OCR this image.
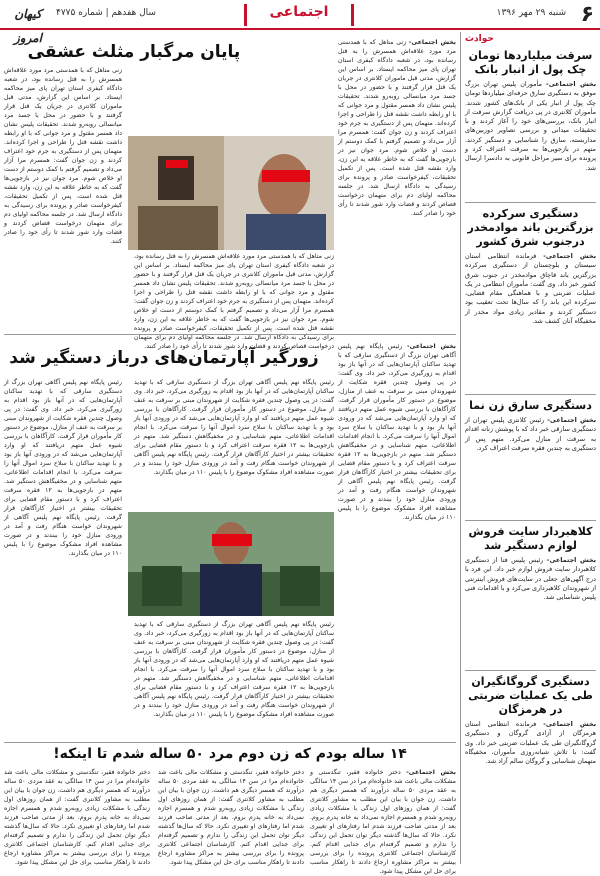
۶
شنبه ۲۹ مهر ۱۳۹۶
اجتماعی
سال هفدهم | شماره ۴۷۷۵
کیهان امروز	حوادث
سرقت میلیاردها تومان چک پول از انبار بانک
بخش اجتماعی- مأموران پلیس تهران بزرگ موفق به دستگیری سارق حرفه‌ای میلیاردها تومان چک پول از انبار یکی از بانک‌های کشور شدند. مأموران کلانتری در پی دریافت گزارش سرقت از انبار بانک، بررسی‌های خود را آغاز کردند و با تحقیقات میدانی و بررسی تصاویر دوربین‌های مداربسته، سارق را شناسایی و دستگیر کردند. متهم در بازجویی‌ها به سرقت اعتراف کرد و پرونده برای سیر مراحل قانونی به دادسرا ارسال شد.
دستگیری سرکرده بزرگترین باند موادمخدر درجنوب شرق کشور
بخش اجتماعی- فرمانده انتظامی استان سیستان و بلوچستان از دستگیری سرکرده بزرگترین باند قاچاق موادمخدر در جنوب شرق کشور خبر داد. وی گفت: مأموران انتظامی در یک عملیات ضربتی و با هماهنگی مقام قضایی، سرکرده این باند را که سال‌ها تحت تعقیب بود دستگیر کردند و مقادیر زیادی مواد مخدر از مخفیگاه آنان کشف شد.
دستگیری سارق زن نما
بخش اجتماعی- رئیس کلانتری پلیس تهران از دستگیری سارقی خبر داد که با پوشش زنانه اقدام به سرقت از منازل می‌کرد. متهم پس از دستگیری به چندین فقره سرقت اعتراف کرد.
کلاهبردار سایت فروش لوازم دستگیر شد
بخش اجتماعی- رئیس پلیس فتا از دستگیری کلاهبردار سایت فروش لوازم خبر داد. این فرد با درج آگهی‌های جعلی در سایت‌های فروش اینترنتی از شهروندان کلاهبرداری می‌کرد و با اقدامات فنی پلیس شناسایی شد.
دستگیری گروگانگیران طی یک عملیات ضربتی در هرمزگان
بخش اجتماعی- فرمانده انتظامی استان هرمزگان از آزادی گروگان و دستگیری گروگانگیران طی یک عملیات ضربتی خبر داد. وی گفت: با تلاش شبانه‌روزی مأموران، مخفیگاه متهمان شناسایی و گروگان سالم آزاد شد.
پایان مرگبار مثلث عشقی	بخش اجتماعی- زنی متاهل که با همدستی مرد مورد علاقه‌اش همسرش را به قتل رسانده بود، در شعبه دادگاه کیفری استان تهران پای میز محاکمه ایستاد. بر اساس این گزارش، مدتی قبل ماموران کلانتری در جریان یک قتل قرار گرفتند و با حضور در محل با جسد مرد میانسالی روبه‌رو شدند. تحقیقات پلیس نشان داد همسر مقتول و مرد جوانی که با او رابطه داشت نقشه قتل را طراحی و اجرا کرده‌اند. متهمان پس از دستگیری به جرم خود اعتراف کردند و زن جوان گفت: همسرم مرا آزار می‌داد و تصمیم گرفتم با کمک دوستم از دست او خلاص شوم. مرد جوان نیز در بازجویی‌ها گفت که به خاطر علاقه به این زن، وارد نقشه قتل شده است. پس از تکمیل تحقیقات، کیفرخواست صادر و پرونده برای رسیدگی به دادگاه ارسال شد. در جلسه محاکمه اولیای دم برای متهمان درخواست قصاص کردند و قضات وارد شور شدند تا رأی خود را صادر کنند.
زنی متاهل که با همدستی مرد مورد علاقه‌اش همسرش را به قتل رسانده بود، در شعبه دادگاه کیفری استان تهران پای میز محاکمه ایستاد. بر اساس این گزارش، مدتی قبل ماموران کلانتری در جریان یک قتل قرار گرفتند و با حضور در محل با جسد مرد میانسالی روبه‌رو شدند. تحقیقات پلیس نشان داد همسر مقتول و مرد جوانی که با او رابطه داشت نقشه قتل را طراحی و اجرا کرده‌اند. متهمان پس از دستگیری به جرم خود اعتراف کردند و زن جوان گفت: همسرم مرا آزار می‌داد و تصمیم گرفتم با کمک دوستم از دست او خلاص شوم. مرد جوان نیز در بازجویی‌ها گفت که به خاطر علاقه به این زن، وارد نقشه قتل شده است. پس از تکمیل تحقیقات، کیفرخواست صادر و پرونده برای رسیدگی به دادگاه ارسال شد. در جلسه محاکمه اولیای دم برای متهمان درخواست قصاص کردند و قضات وارد شور شدند تا رأی خود را صادر کنند.
زنی متاهل که با همدستی مرد مورد علاقه‌اش همسرش را به قتل رسانده بود، در شعبه دادگاه کیفری استان تهران پای میز محاکمه ایستاد. بر اساس این گزارش، مدتی قبل ماموران کلانتری در جریان یک قتل قرار گرفتند و با حضور در محل با جسد مرد میانسالی روبه‌رو شدند. تحقیقات پلیس نشان داد همسر مقتول و مرد جوانی که با او رابطه داشت نقشه قتل را طراحی و اجرا کرده‌اند. متهمان پس از دستگیری به جرم خود اعتراف کردند و زن جوان گفت: همسرم مرا آزار می‌داد و تصمیم گرفتم با کمک دوستم از دست او خلاص شوم. مرد جوان نیز در بازجویی‌ها گفت که به خاطر علاقه به این زن، وارد نقشه قتل شده است. پس از تکمیل تحقیقات، کیفرخواست صادر و پرونده برای رسیدگی به دادگاه ارسال شد. در جلسه محاکمه اولیای دم برای متهمان درخواست قصاص کردند و قضات وارد شور شدند تا رأی خود را صادر کنند.
زورگیر آپارتمان‌های درباز دستگیر شد
بخش اجتماعی- رئیس پایگاه نهم پلیس آگاهی تهران بزرگ از دستگیری سارقی که با تهدید ساکنان آپارتمان‌هایی که در آنها باز بود اقدام به زورگیری می‌کرد، خبر داد. وی گفت: در پی وصول چندین فقره شکایت از شهروندان مبنی بر سرقت به عنف از منازل، موضوع در دستور کار مأموران قرار گرفت. کارآگاهان با بررسی شیوه عمل متهم دریافتند که او وارد آپارتمان‌هایی می‌شد که در ورودی آنها باز بود و با تهدید ساکنان با سلاح سرد اموال آنها را سرقت می‌کرد. با انجام اقدامات اطلاعاتی، متهم شناسایی و در مخفیگاهش دستگیر شد. متهم در بازجویی‌ها به ۱۲ فقره سرقت اعتراف کرد و با دستور مقام قضایی برای تحقیقات بیشتر در اختیار کارآگاهان قرار گرفت. رئیس پایگاه نهم پلیس آگاهی از شهروندان خواست هنگام رفت و آمد در ورودی منازل خود را ببندند و در صورت مشاهده افراد مشکوک موضوع را با پلیس ۱۱۰ در میان بگذارند.
رئیس پایگاه نهم پلیس آگاهی تهران بزرگ از دستگیری سارقی که با تهدید ساکنان آپارتمان‌هایی که در آنها باز بود اقدام به زورگیری می‌کرد، خبر داد. وی گفت: در پی وصول چندین فقره شکایت از شهروندان مبنی بر سرقت به عنف از منازل، موضوع در دستور کار مأموران قرار گرفت. کارآگاهان با بررسی شیوه عمل متهم دریافتند که او وارد آپارتمان‌هایی می‌شد که در ورودی آنها باز بود و با تهدید ساکنان با سلاح سرد اموال آنها را سرقت می‌کرد. با انجام اقدامات اطلاعاتی، متهم شناسایی و در مخفیگاهش دستگیر شد. متهم در بازجویی‌ها به ۱۲ فقره سرقت اعتراف کرد و با دستور مقام قضایی برای تحقیقات بیشتر در اختیار کارآگاهان قرار گرفت. رئیس پایگاه نهم پلیس آگاهی از شهروندان خواست هنگام رفت و آمد در ورودی منازل خود را ببندند و در صورت مشاهده افراد مشکوک موضوع را با پلیس ۱۱۰ در میان بگذارند.
رئیس پایگاه نهم پلیس آگاهی تهران بزرگ از دستگیری سارقی که با تهدید ساکنان آپارتمان‌هایی که در آنها باز بود اقدام به زورگیری می‌کرد، خبر داد. وی گفت: در پی وصول چندین فقره شکایت از شهروندان مبنی بر سرقت به عنف از منازل، موضوع در دستور کار مأموران قرار گرفت. کارآگاهان با بررسی شیوه عمل متهم دریافتند که او وارد آپارتمان‌هایی می‌شد که در ورودی آنها باز بود و با تهدید ساکنان با سلاح سرد اموال آنها را سرقت می‌کرد. با انجام اقدامات اطلاعاتی، متهم شناسایی و در مخفیگاهش دستگیر شد. متهم در بازجویی‌ها به ۱۲ فقره سرقت اعتراف کرد و با دستور مقام قضایی برای تحقیقات بیشتر در اختیار کارآگاهان قرار گرفت. رئیس پایگاه نهم پلیس آگاهی از شهروندان خواست هنگام رفت و آمد در ورودی منازل خود را ببندند و در صورت مشاهده افراد مشکوک موضوع را با پلیس ۱۱۰ در میان بگذارند.
رئیس پایگاه نهم پلیس آگاهی تهران بزرگ از دستگیری سارقی که با تهدید ساکنان آپارتمان‌هایی که در آنها باز بود اقدام به زورگیری می‌کرد، خبر داد. وی گفت: در پی وصول چندین فقره شکایت از شهروندان مبنی بر سرقت به عنف از منازل، موضوع در دستور کار مأموران قرار گرفت. کارآگاهان با بررسی شیوه عمل متهم دریافتند که او وارد آپارتمان‌هایی می‌شد که در ورودی آنها باز بود و با تهدید ساکنان با سلاح سرد اموال آنها را سرقت می‌کرد. با انجام اقدامات اطلاعاتی، متهم شناسایی و در مخفیگاهش دستگیر شد. متهم در بازجویی‌ها به ۱۲ فقره سرقت اعتراف کرد و با دستور مقام قضایی برای تحقیقات بیشتر در اختیار کارآگاهان قرار گرفت. رئیس پایگاه نهم پلیس آگاهی از شهروندان خواست هنگام رفت و آمد در ورودی منازل خود را ببندند و در صورت مشاهده افراد مشکوک موضوع را با پلیس ۱۱۰ در میان بگذارند.
۱۴ ساله بودم که زن دوم مرد ۵۰ ساله شدم تا اینکه!
بخش اجتماعی- دختر خانواده فقیر، تنگدستی و مشکلات مالی باعث شد خانواده‌ام مرا در سن ۱۴ سالگی به عقد مردی ۵۰ ساله درآورند که همسر دیگری هم داشت. زن جوان با بیان این مطلب به مشاور کلانتری گفت: از همان روزهای اول زندگی با مشکلات زیادی روبه‌رو شدم و همسرم اجازه نمی‌داد به خانه پدرم بروم. بعد از مدتی صاحب فرزند شدم اما رفتارهای او تغییری نکرد. حالا که سال‌ها گذشته دیگر توان تحمل این زندگی را ندارم و تصمیم گرفته‌ام برای جدایی اقدام کنم. کارشناسان اجتماعی کلانتری پرونده را برای بررسی بیشتر به مراکز مشاوره ارجاع دادند تا راهکار مناسب برای حل این مشکل پیدا شود.
دختر خانواده فقیر، تنگدستی و مشکلات مالی باعث شد خانواده‌ام مرا در سن ۱۴ سالگی به عقد مردی ۵۰ ساله درآورند که همسر دیگری هم داشت. زن جوان با بیان این مطلب به مشاور کلانتری گفت: از همان روزهای اول زندگی با مشکلات زیادی روبه‌رو شدم و همسرم اجازه نمی‌داد به خانه پدرم بروم. بعد از مدتی صاحب فرزند شدم اما رفتارهای او تغییری نکرد. حالا که سال‌ها گذشته دیگر توان تحمل این زندگی را ندارم و تصمیم گرفته‌ام برای جدایی اقدام کنم. کارشناسان اجتماعی کلانتری پرونده را برای بررسی بیشتر به مراکز مشاوره ارجاع دادند تا راهکار مناسب برای حل این مشکل پیدا شود.
دختر خانواده فقیر، تنگدستی و مشکلات مالی باعث شد خانواده‌ام مرا در سن ۱۴ سالگی به عقد مردی ۵۰ ساله درآورند که همسر دیگری هم داشت. زن جوان با بیان این مطلب به مشاور کلانتری گفت: از همان روزهای اول زندگی با مشکلات زیادی روبه‌رو شدم و همسرم اجازه نمی‌داد به خانه پدرم بروم. بعد از مدتی صاحب فرزند شدم اما رفتارهای او تغییری نکرد. حالا که سال‌ها گذشته دیگر توان تحمل این زندگی را ندارم و تصمیم گرفته‌ام برای جدایی اقدام کنم. کارشناسان اجتماعی کلانتری پرونده را برای بررسی بیشتر به مراکز مشاوره ارجاع دادند تا راهکار مناسب برای حل این مشکل پیدا شود.
